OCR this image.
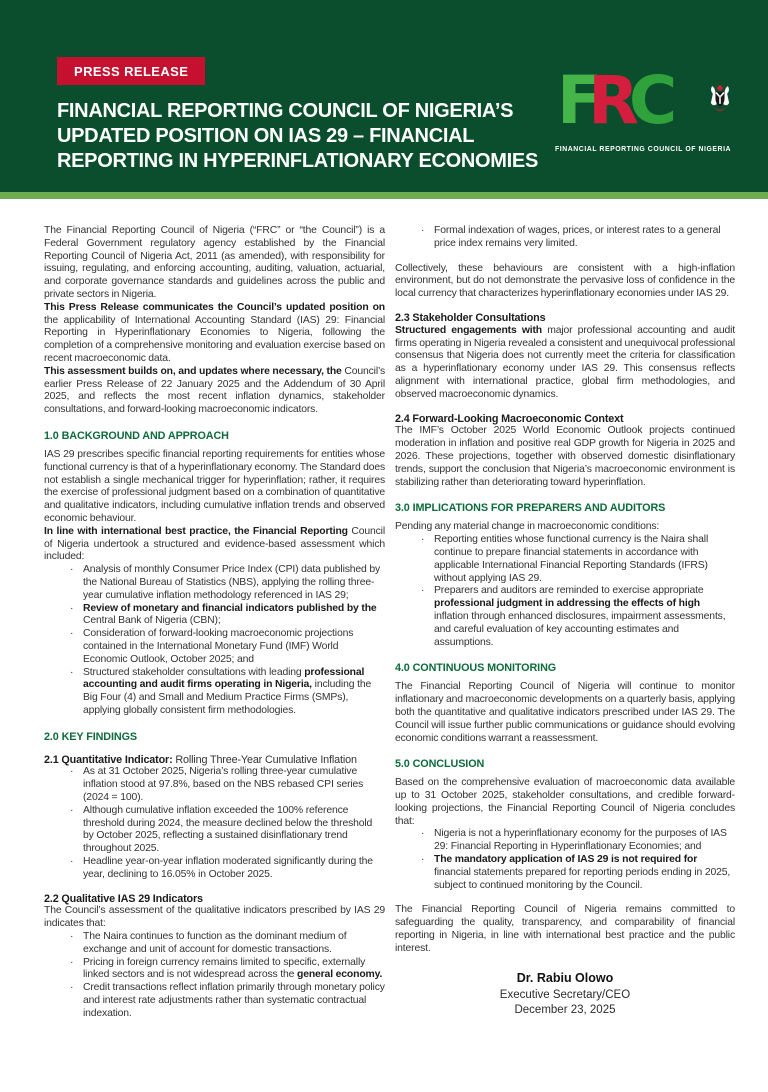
PRESS RELEASE
FINANCIAL REPORTING COUNCIL OF NIGERIA’S
UPDATED POSITION ON IAS 29 – FINANCIAL
REPORTING IN HYPERINFLATIONARY ECONOMIES
F
R
C
FINANCIAL REPORTING COUNCIL OF NIGERIA

The Financial Reporting Council of Nigeria (“FRC” or “the Council”) is a Federal Government regulatory agency established by the Financial Reporting Council of Nigeria Act, 2011 (as amended), with responsibility for issuing, regulating, and enforcing accounting, auditing, valuation, actuarial, and corporate governance standards and guidelines across the public and private sectors in Nigeria.

This Press Release communicates the Council’s updated position on the applicability of International Accounting Standard (IAS) 29: Financial Reporting in Hyperinflationary Economies to Nigeria, following the completion of a comprehensive monitoring and evaluation exercise based on recent macroeconomic data.

This assessment builds on, and updates where necessary, the Council’s earlier Press Release of 22 January 2025 and the Addendum of 30 April 2025, and reflects the most recent inflation dynamics, stakeholder consultations, and forward-looking macroeconomic indicators.

1.0 BACKGROUND AND APPROACH

IAS 29 prescribes specific financial reporting requirements for entities whose functional currency is that of a hyperinflationary economy. The Standard does not establish a single mechanical trigger for hyperinflation; rather, it requires the exercise of professional judgment based on a combination of quantitative and qualitative indicators, including cumulative inflation trends and observed economic behaviour.

In line with international best practice, the Financial Reporting Council of Nigeria undertook a structured and evidence-based assessment which included:

· Analysis of monthly Consumer Price Index (CPI) data published by the National Bureau of Statistics (NBS), applying the rolling three-year cumulative inflation methodology referenced in IAS 29;
· Review of monetary and financial indicators published by the Central Bank of Nigeria (CBN);
· Consideration of forward-looking macroeconomic projections contained in the International Monetary Fund (IMF) World Economic Outlook, October 2025; and
· Structured stakeholder consultations with leading professional accounting and audit firms operating in Nigeria, including the Big Four (4) and Small and Medium Practice Firms (SMPs), applying globally consistent firm methodologies.
2.0 KEY FINDINGS
2.1 Quantitative Indicator: Rolling Three-Year Cumulative Inflation
· As at 31 October 2025, Nigeria’s rolling three-year cumulative inflation stood at 97.8%, based on the NBS rebased CPI series (2024 = 100).
· Although cumulative inflation exceeded the 100% reference threshold during 2024, the measure declined below the threshold by October 2025, reflecting a sustained disinflationary trend throughout 2025.
· Headline year-on-year inflation moderated significantly during the year, declining to 16.05% in October 2025.
2.2 Qualitative IAS 29 Indicators

The Council’s assessment of the qualitative indicators prescribed by IAS 29 indicates that:

· The Naira continues to function as the dominant medium of exchange and unit of account for domestic transactions.
· Pricing in foreign currency remains limited to specific, externally linked sectors and is not widespread across the general economy.
· Credit transactions reflect inflation primarily through monetary policy and interest rate adjustments rather than systematic contractual indexation.
· Formal indexation of wages, prices, or interest rates to a general price index remains very limited.

Collectively, these behaviours are consistent with a high-inflation environment, but do not demonstrate the pervasive loss of confidence in the local currency that characterizes hyperinflationary economies under IAS 29.

2.3 Stakeholder Consultations

Structured engagements with major professional accounting and audit firms operating in Nigeria revealed a consistent and unequivocal professional consensus that Nigeria does not currently meet the criteria for classification as a hyperinflationary economy under IAS 29. This consensus reflects alignment with international practice, global firm methodologies, and observed macroeconomic dynamics.

2.4 Forward-Looking Macroeconomic Context

The IMF’s October 2025 World Economic Outlook projects continued moderation in inflation and positive real GDP growth for Nigeria in 2025 and 2026. These projections, together with observed domestic disinflationary trends, support the conclusion that Nigeria’s macroeconomic environment is stabilizing rather than deteriorating toward hyperinflation.

3.0 IMPLICATIONS FOR PREPARERS AND AUDITORS

Pending any material change in macroeconomic conditions:

· Reporting entities whose functional currency is the Naira shall continue to prepare financial statements in accordance with applicable International Financial Reporting Standards (IFRS) without applying IAS 29.
· Preparers and auditors are reminded to exercise appropriate professional judgment in addressing the effects of high inflation through enhanced disclosures, impairment assessments, and careful evaluation of key accounting estimates and assumptions.
4.0 CONTINUOUS MONITORING

The Financial Reporting Council of Nigeria will continue to monitor inflationary and macroeconomic developments on a quarterly basis, applying both the quantitative and qualitative indicators prescribed under IAS 29. The Council will issue further public communications or guidance should evolving economic conditions warrant a reassessment.

5.0 CONCLUSION

Based on the comprehensive evaluation of macroeconomic data available up to 31 October 2025, stakeholder consultations, and credible forward-looking projections, the Financial Reporting Council of Nigeria concludes that:

· Nigeria is not a hyperinflationary economy for the purposes of IAS 29: Financial Reporting in Hyperinflationary Economies; and
· The mandatory application of IAS 29 is not required for financial statements prepared for reporting periods ending in 2025, subject to continued monitoring by the Council.

The Financial Reporting Council of Nigeria remains committed to safeguarding the quality, transparency, and comparability of financial reporting in Nigeria, in line with international best practice and the public interest.

Dr. Rabiu Olowo
Executive Secretary/CEO
December 23, 2025
